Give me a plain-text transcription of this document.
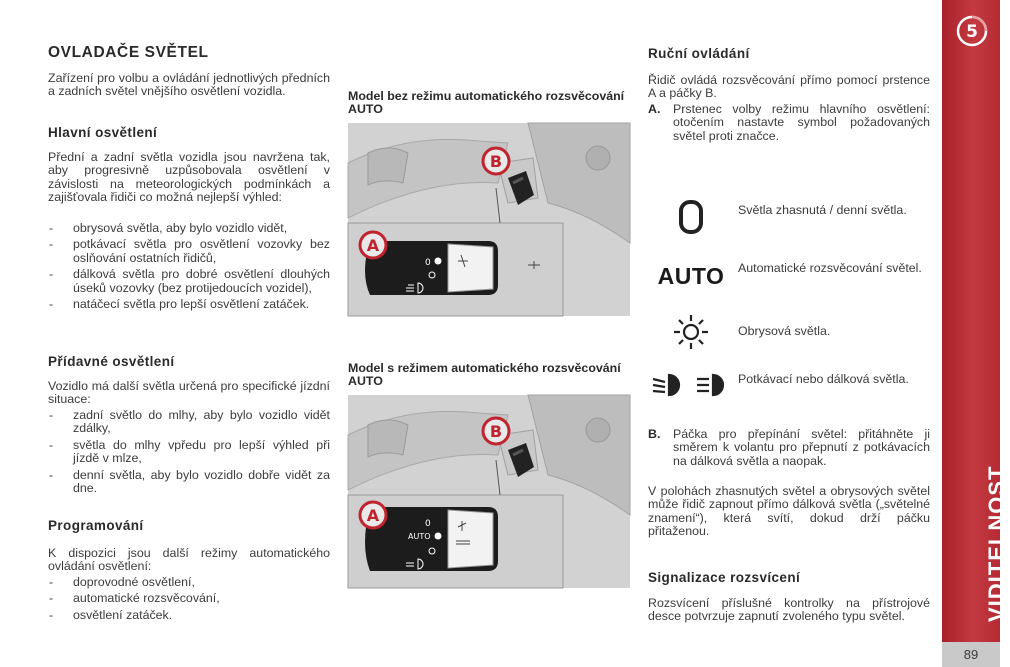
OVLADAČE SVĚTEL

Zařízení pro volbu a ovládání jednotlivých předních a zadních světel vnějšího osvětlení vozidla.

Hlavní osvětlení

Přední a zadní světla vozidla jsou navržena tak, aby progresivně uzpůsobovala osvětlení v závislosti na meteorologických podmínkách a zajišťovala řidiči co možná nejlepší výhled:

- obrysová světla, aby bylo vozidlo vidět,
- potkávací světla pro osvětlení vozovky bez oslňování ostatních řidičů,
- dálková světla pro dobré osvětlení dlouhých úseků vozovky (bez protijedoucích vozidel),
- natáčecí světla pro lepší osvětlení zatáček.
Přídavné osvětlení

Vozidlo má další světla určená pro specifické jízdní situace:

- zadní světlo do mlhy, aby bylo vozidlo vidět zdálky,
- světla do mlhy vpředu pro lepší výhled při jízdě v mlze,
- denní světla, aby bylo vozidlo dobře vidět za dne.
Programování

K dispozici jsou další režimy automatického ovládání osvětlení:

- doprovodné osvětlení,
- automatické rozsvěcování,
- osvětlení zatáček.

Model bez režimu automatického rozsvěcování AUTO

0
B
A

Model s režimem automatického rozsvěcování AUTO

0
AUTO
B
A
Ruční ovládání

Řidič ovládá rozsvěcování přímo pomocí prstence A a páčky B.

A. Prstenec volby režimu hlavního osvětlení: otočením nastavte symbol požadovaných světel proti značce.
Světla zhasnutá / denní světla.
AUTO Automatické rozsvěcování světel.
Obrysová světla.
Potkávací nebo dálková světla.
B. Páčka pro přepínání světel: přitáhněte ji směrem k volantu pro přepnutí z potkávacích na dálková světla a naopak.

V polohách zhasnutých světel a obrysových světel může řidič zapnout přímo dálková světla („světelné znamení“), která svítí, dokud drží páčku přitaženou.

Signalizace rozsvícení

Rozsvícení příslušné kontrolky na přístrojové desce potvrzuje zapnutí zvoleného typu světel.

5
VIDITELNOST
89
